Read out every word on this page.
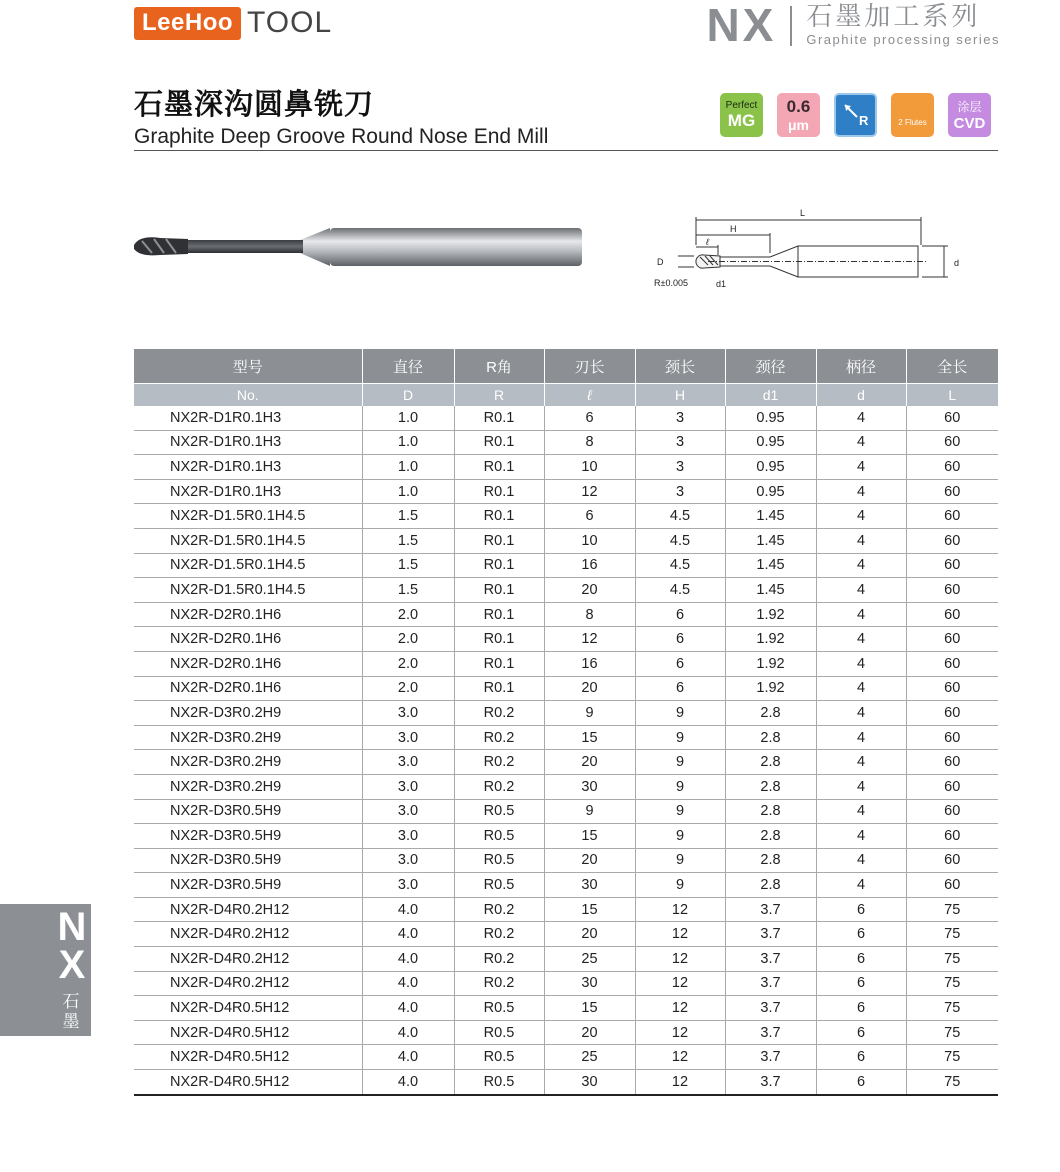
LeeHoo TOOL	NX 石墨加工系列
Graphite processing series
石墨深沟圆鼻铣刀
Graphite Deep Groove Round Nose End Mill
Perfect
MG
0.6
μm	R	2 Flutes
涂层
CVD
L
H
ℓ
D	d
d1
R±0.005
型号	直径	R角	刃长	颈长	颈径	柄径	全长
No.	D	R	ℓ	H	d1	d	L
NX2R-D1R0.1H3	1.0	R0.1	6	3	0.95	4	60
NX2R-D1R0.1H3	1.0	R0.1	8	3	0.95	4	60
NX2R-D1R0.1H3	1.0	R0.1	10	3	0.95	4	60
NX2R-D1R0.1H3	1.0	R0.1	12	3	0.95	4	60
NX2R-D1.5R0.1H4.5	1.5	R0.1	6	4.5	1.45	4	60
NX2R-D1.5R0.1H4.5	1.5	R0.1	10	4.5	1.45	4	60
NX2R-D1.5R0.1H4.5	1.5	R0.1	16	4.5	1.45	4	60
NX2R-D1.5R0.1H4.5	1.5	R0.1	20	4.5	1.45	4	60
NX2R-D2R0.1H6	2.0	R0.1	8	6	1.92	4	60
NX2R-D2R0.1H6	2.0	R0.1	12	6	1.92	4	60
NX2R-D2R0.1H6	2.0	R0.1	16	6	1.92	4	60
NX2R-D2R0.1H6	2.0	R0.1	20	6	1.92	4	60
NX2R-D3R0.2H9	3.0	R0.2	9	9	2.8	4	60
NX2R-D3R0.2H9	3.0	R0.2	15	9	2.8	4	60
NX2R-D3R0.2H9	3.0	R0.2	20	9	2.8	4	60
NX2R-D3R0.2H9	3.0	R0.2	30	9	2.8	4	60
NX2R-D3R0.5H9	3.0	R0.5	9	9	2.8	4	60
NX2R-D3R0.5H9	3.0	R0.5	15	9	2.8	4	60
NX2R-D3R0.5H9	3.0	R0.5	20	9	2.8	4	60
NX2R-D3R0.5H9	3.0	R0.5	30	9	2.8	4	60
NX2R-D4R0.2H12	4.0	R0.2	15	12	3.7	6	75
NX2R-D4R0.2H12	4.0	R0.2	20	12	3.7	6	75
NX2R-D4R0.2H12	4.0	R0.2	25	12	3.7	6	75
NX2R-D4R0.2H12	4.0	R0.2	30	12	3.7	6	75
NX2R-D4R0.5H12	4.0	R0.5	15	12	3.7	6	75
NX2R-D4R0.5H12	4.0	R0.5	20	12	3.7	6	75
NX2R-D4R0.5H12	4.0	R0.5	25	12	3.7	6	75
NX2R-D4R0.5H12	4.0	R0.5	30	12	3.7	6	75
N
X
石
墨
